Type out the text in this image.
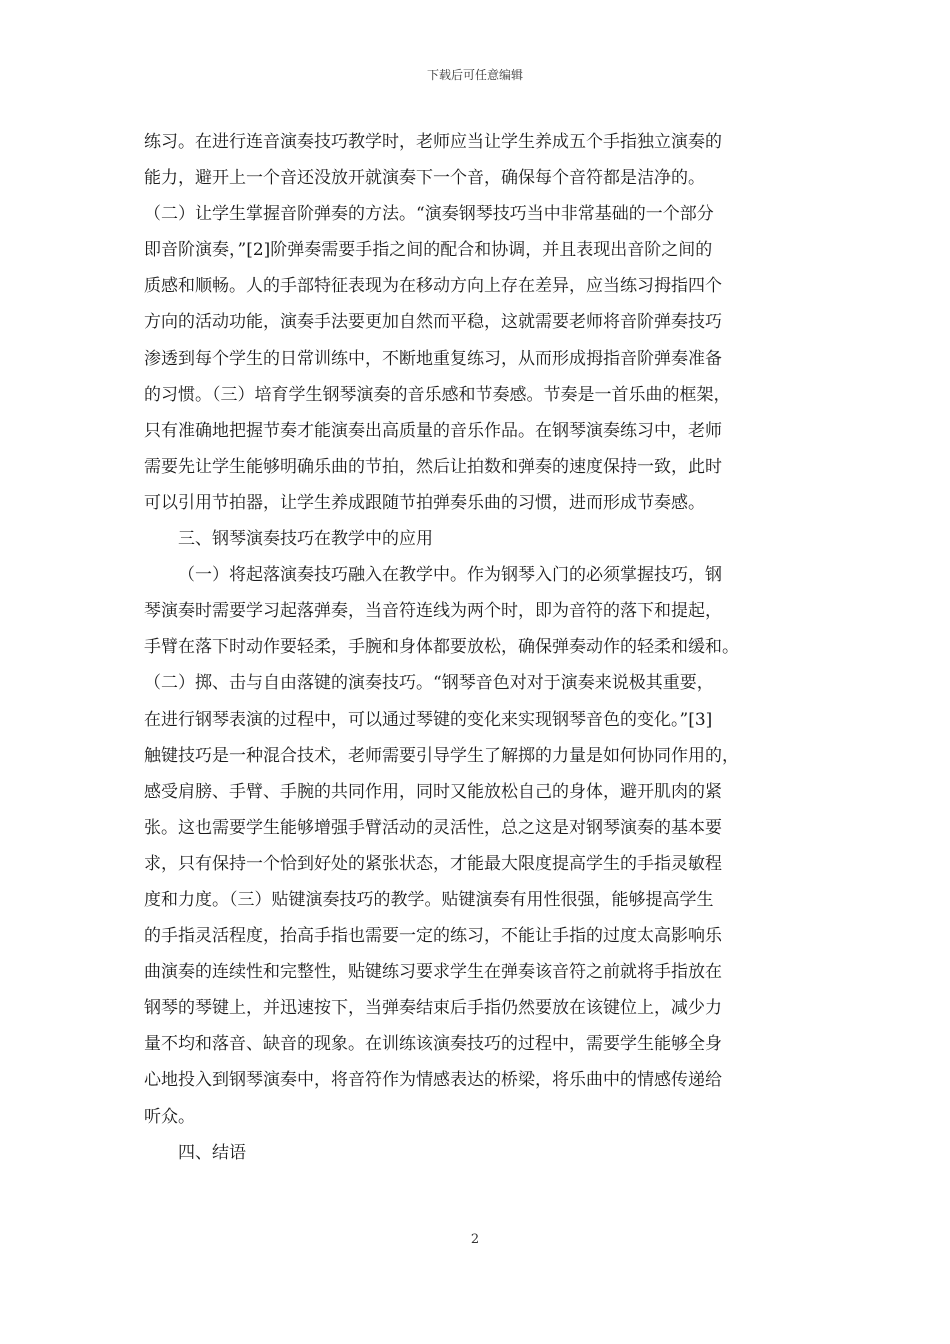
下载后可任意编辑
练习。在进行连音演奏技巧教学时，老师应当让学生养成五个手指独立演奏的
能力，避开上一个音还没放开就演奏下一个音，确保每个音符都是洁净的。
（二）让学生掌握音阶弹奏的方法。“演奏钢琴技巧当中非常基础的一个部分
即音阶演奏，”[2]阶弹奏需要手指之间的配合和协调，并且表现出音阶之间的
质感和顺畅。人的手部特征表现为在移动方向上存在差异，应当练习拇指四个
方向的活动功能，演奏手法要更加自然而平稳，这就需要老师将音阶弹奏技巧
渗透到每个学生的日常训练中，不断地重复练习，从而形成拇指音阶弹奏准备
的习惯。（三）培育学生钢琴演奏的音乐感和节奏感。节奏是一首乐曲的框架，
只有准确地把握节奏才能演奏出高质量的音乐作品。在钢琴演奏练习中，老师
需要先让学生能够明确乐曲的节拍，然后让拍数和弹奏的速度保持一致，此时
可以引用节拍器，让学生养成跟随节拍弹奏乐曲的习惯，进而形成节奏感。
三、钢琴演奏技巧在教学中的应用
（一）将起落演奏技巧融入在教学中。作为钢琴入门的必须掌握技巧，钢
琴演奏时需要学习起落弹奏，当音符连线为两个时，即为音符的落下和提起，
手臂在落下时动作要轻柔，手腕和身体都要放松，确保弹奏动作的轻柔和缓和。
（二）掷、击与自由落键的演奏技巧。“钢琴音色对对于演奏来说极其重要，
在进行钢琴表演的过程中，可以通过琴键的变化来实现钢琴音色的变化。”[3]
触键技巧是一种混合技术，老师需要引导学生了解掷的力量是如何协同作用的，
感受肩膀、手臂、手腕的共同作用，同时又能放松自己的身体，避开肌肉的紧
张。这也需要学生能够增强手臂活动的灵活性，总之这是对钢琴演奏的基本要
求，只有保持一个恰到好处的紧张状态，才能最大限度提高学生的手指灵敏程
度和力度。（三）贴键演奏技巧的教学。贴键演奏有用性很强，能够提高学生
的手指灵活程度，抬高手指也需要一定的练习，不能让手指的过度太高影响乐
曲演奏的连续性和完整性，贴键练习要求学生在弹奏该音符之前就将手指放在
钢琴的琴键上，并迅速按下，当弹奏结束后手指仍然要放在该键位上，减少力
量不均和落音、缺音的现象。在训练该演奏技巧的过程中，需要学生能够全身
心地投入到钢琴演奏中，将音符作为情感表达的桥梁，将乐曲中的情感传递给
听众。
四、结语
2
